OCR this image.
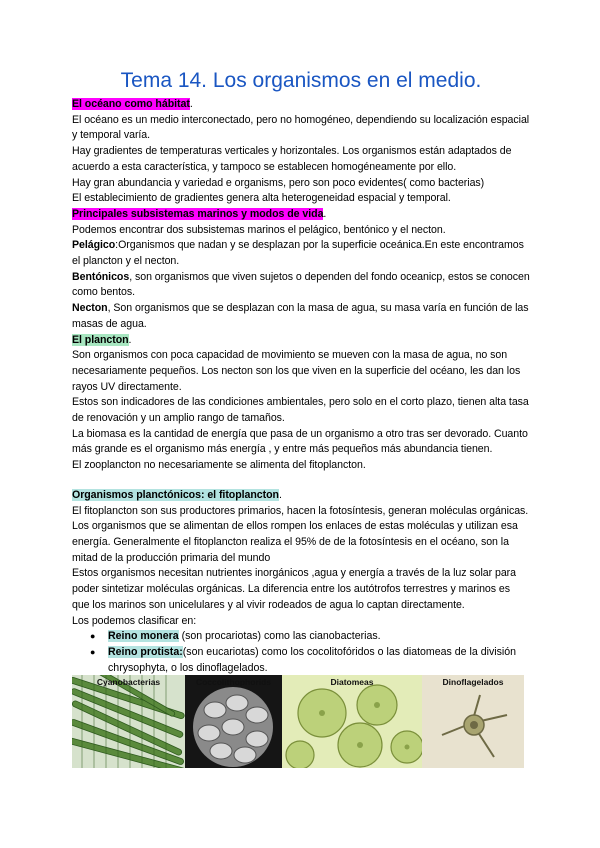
Tema 14. Los organismos en el medio.

El océano como hábitat.

El océano es un medio interconectado, pero no homogéneo, dependiendo su localización espacial y temporal varía.

Hay gradientes de temperaturas verticales y horizontales. Los organismos están adaptados de acuerdo a esta característica, y tampoco se establecen homogéneamente por ello.

Hay gran abundancia y variedad e organisms, pero son poco evidentes( como bacterias)

El establecimiento de gradientes genera alta heterogeneidad espacial y temporal.

Principales subsistemas marinos y modos de vida.

Podemos encontrar dos subsistemas marinos el pelágico, bentónico y el necton.

Pelágico:Organismos que nadan y se desplazan por la superficie oceánica.En este encontramos el plancton y el necton.

Bentónicos, son organismos que viven sujetos o dependen del fondo oceanicp, estos se conocen como bentos.

Necton, Son organismos que se desplazan con la masa de agua, su masa varía en función de las masas de agua.

El plancton.

Son organismos con poca capacidad de movimiento se mueven con la masa de agua, no son necesariamente pequeños. Los necton son los que viven en la superficie del océano, les dan los rayos UV directamente.

Estos son indicadores de las condiciones ambientales, pero solo en el corto plazo, tienen alta tasa de renovación y un amplio rango de tamaños.

La biomasa es la cantidad de energía que pasa de un organismo a otro tras ser devorado. Cuanto más grande es el organismo más energía , y entre más pequeños más abundancia tienen.

El zooplancton no necesariamente se alimenta del fitoplancton.

Organismos planctónicos: el fitoplancton.

El fitoplancton son sus productores primarios, hacen la fotosíntesis, generan moléculas orgánicas. Los organismos que se alimentan de ellos rompen los enlaces de estas moléculas y utilizan esa energía. Generalmente el fitoplancton realiza el 95% de de la fotosíntesis en el océano, son la mitad de la producción primaria del mundo

Estos organismos necesitan nutrientes inorgánicos ,agua y energía a través de la luz solar para poder sintetizar moléculas orgánicas. La diferencia entre los autótrofos terrestres y marinos es que los marinos son unicelulares y al vivir rodeados de agua lo captan directamente.

Los podemos clasificar en:

● Reino monera (son procariotas) como las cianobacterias.
● Reino protista:(son eucariotas) como los cocolitofóridos o las diatomeas de la división chrysophyta, o los dinoflagelados.
Cyanobacterias	Coccolithophorids	Diatomeas	Dinoflagelados
